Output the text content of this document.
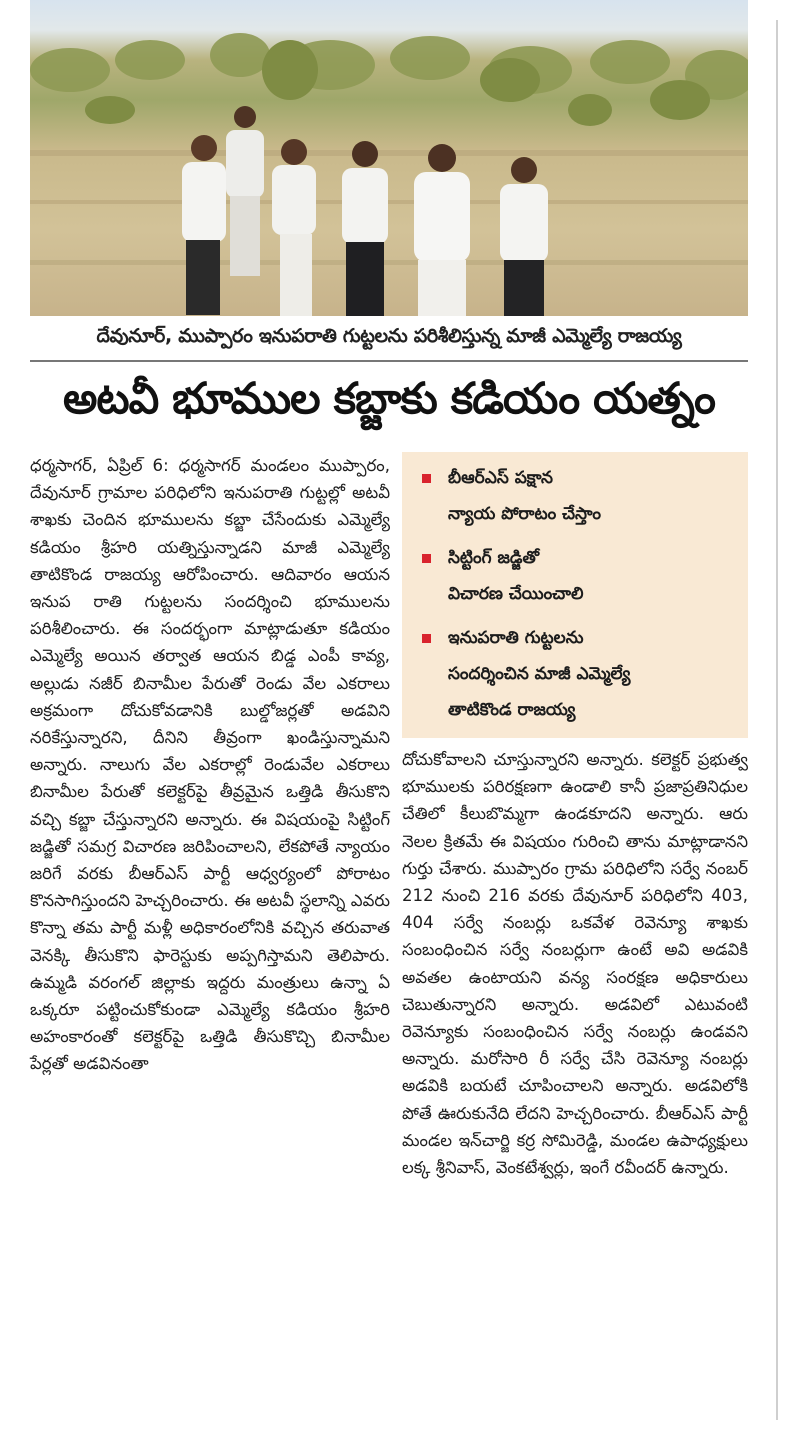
దేవునూర్‌, ముప్పారం ఇనుపరాతి గుట్టలను పరిశీలిస్తున్న మాజీ ఎమ్మెల్యే రాజయ్య
అటవీ భూముల కబ్జాకు కడియం యత్నం

ధర్మసాగర్‌, ఏప్రిల్‌ 6: ధర్మసాగర్‌ మండలం ముప్పారం, దేవునూర్‌ గ్రామాల పరిధిలోని ఇనుపరాతి గుట్టల్లో అటవీ శాఖకు చెందిన భూములను కబ్జా చేసేందుకు ఎమ్మెల్యే కడియం శ్రీహరి యత్నిస్తున్నాడని మాజీ ఎమ్మెల్యే తాటికొండ రాజయ్య ఆరోపించారు. ఆదివారం ఆయన ఇనుప రాతి గుట్టలను సందర్శించి భూములను పరిశీలించారు. ఈ సందర్భంగా మాట్లాడుతూ కడియం ఎమ్మెల్యే అయిన తర్వాత ఆయన బిడ్డ ఎంపీ కావ్య, అల్లుడు నజీర్‌ బినామీల పేరుతో రెండు వేల ఎకరాలు అక్రమంగా దోచుకోవడానికి బుల్డోజర్లతో అడవిని నరికేస్తున్నారని, దీనిని తీవ్రంగా ఖండిస్తున్నామని అన్నారు. నాలుగు వేల ఎకరాల్లో రెండువేల ఎకరాలు బినామీల పేరుతో కలెక్టర్‌పై తీవ్రమైన ఒత్తిడి తీసుకొని వచ్చి కబ్జా చేస్తున్నారని అన్నారు. ఈ విషయంపై సిట్టింగ్‌ జడ్జితో సమగ్ర విచారణ జరిపించాలని, లేకపోతే న్యాయం జరిగే వరకు బీఆర్‌ఎస్‌ పార్టీ ఆధ్వర్యంలో పోరాటం కొనసాగిస్తుందని హెచ్చరించారు. ఈ అటవీ స్థలాన్ని ఎవరు కొన్నా తమ పార్టీ మళ్లీ అధికారంలోనికి వచ్చిన తరువాత వెనక్కి తీసుకొని ఫారెస్టుకు అప్పగిస్తామని తెలిపారు. ఉమ్మడి వరంగల్‌ జిల్లాకు ఇద్దరు మంత్రులు ఉన్నా ఏ ఒక్కరూ పట్టించుకోకుండా ఎమ్మెల్యే కడియం శ్రీహరి అహంకారంతో కలెక్టర్‌పై ఒత్తిడి తీసుకొచ్చి బినామీల పేర్లతో అడవినంతా

బీఆర్‌ఎస్‌ పక్షాన
న్యాయ పోరాటం చేస్తాం
సిట్టింగ్‌ జడ్జితో
విచారణ చేయించాలి
ఇనుపరాతి గుట్టలను
సందర్శించిన మాజీ ఎమ్మెల్యే
తాటికొండ రాజయ్య

దోచుకోవాలని చూస్తున్నారని అన్నారు. కలెక్టర్‌ ప్రభుత్వ భూములకు పరిరక్షణగా ఉండాలి కానీ ప్రజాప్రతినిధుల చేతిలో కీలుబొమ్మగా ఉండకూదని అన్నారు. ఆరు నెలల క్రితమే ఈ విషయం గురించి తాను మాట్లాడానని గుర్తు చేశారు. ముప్పారం గ్రామ పరిధిలోని సర్వే నంబర్‌ 212 నుంచి 216 వరకు దేవునూర్‌ పరిధిలోని 403, 404 సర్వే నంబర్లు ఒకవేళ రెవెన్యూ శాఖకు సంబంధించిన సర్వే నంబర్లుగా ఉంటే అవి అడవికి అవతల ఉంటాయని వన్య సంరక్షణ అధికారులు చెబుతున్నారని అన్నారు. అడవిలో ఎటువంటి రెవెన్యూకు సంబంధించిన సర్వే నంబర్లు ఉండవని అన్నారు. మరోసారి రీ సర్వే చేసి రెవెన్యూ నంబర్లు అడవికి బయటే చూపించాలని అన్నారు. అడవిలోకి పోతే ఊరుకునేది లేదని హెచ్చరించారు. బీఆర్‌ఎస్‌ పార్టీ మండల ఇన్‌చార్జి కర్ర సోమిరెడ్డి, మండల ఉపాధ్యక్షులు లక్క శ్రీనివాస్‌, వెంకటేశ్వర్లు, ఇంగే రవీందర్‌ ఉన్నారు.
